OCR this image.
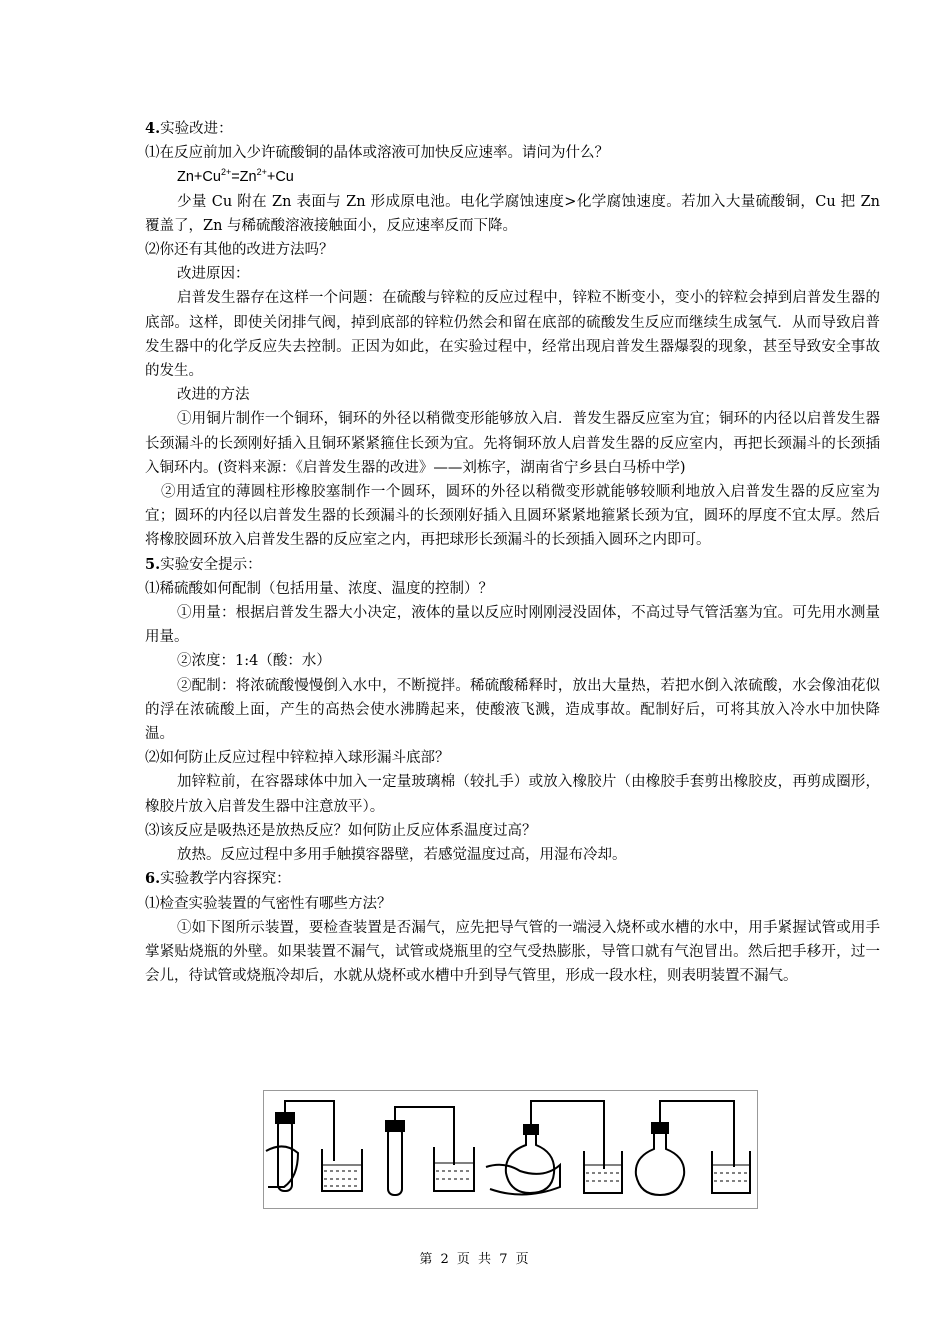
4.实验改进：
⑴在反应前加入少许硫酸铜的晶体或溶液可加快反应速率。请问为什么？
$Zn+Cu^{2+}=Zn^{2+}+Cu$
少量 Cu 附在 Zn 表面与 Zn 形成原电池。电化学腐蚀速度>化学腐蚀速度。若加入大量硫酸铜，Cu 把 Zn 覆盖了，Zn 与稀硫酸溶液接触面小，反应速率反而下降。
⑵你还有其他的改进方法吗？
改进原因：
启普发生器存在这样一个问题：在硫酸与锌粒的反应过程中，锌粒不断变小，变小的锌粒会掉到启普发生器的底部。这样，即使关闭排气阀，掉到底部的锌粒仍然会和留在底部的硫酸发生反应而继续生成氢气．从而导致启普发生器中的化学反应失去控制。正因为如此，在实验过程中，经常出现启普发生器爆裂的现象，甚至导致安全事故的发生。
改进的方法
①用铜片制作一个铜环，铜环的外径以稍微变形能够放入启．普发生器反应室为宜；铜环的内径以启普发生器长颈漏斗的长颈刚好插入且铜环紧紧箍住长颈为宜。先将铜环放人启普发生器的反应室内，再把长颈漏斗的长颈插入铜环内。(资料来源：《启普发生器的改进》——刘栋字，湖南省宁乡县白马桥中学)
②用适宜的薄圆柱形橡胶塞制作一个圆环，圆环的外径以稍微变形就能够较顺利地放入启普发生器的反应室为宜；圆环的内径以启普发生器的长颈漏斗的长颈刚好插入且圆环紧紧地箍紧长颈为宜，圆环的厚度不宜太厚。然后将橡胶圆环放入启普发生器的反应室之内，再把球形长颈漏斗的长颈插入圆环之内即可。
5.实验安全提示：
⑴稀硫酸如何配制（包括用量、浓度、温度的控制）？
①用量：根据启普发生器大小决定，液体的量以反应时刚刚浸没固体，不高过导气管活塞为宜。可先用水测量用量。
②浓度：1:4（酸：水）
②配制：将浓硫酸慢慢倒入水中，不断搅拌。稀硫酸稀释时，放出大量热，若把水倒入浓硫酸，水会像油花似的浮在浓硫酸上面，产生的高热会使水沸腾起来，使酸液飞溅，造成事故。配制好后，可将其放入冷水中加快降温。
⑵如何防止反应过程中锌粒掉入球形漏斗底部？
加锌粒前，在容器球体中加入一定量玻璃棉（较扎手）或放入橡胶片（由橡胶手套剪出橡胶皮，再剪成圈形，橡胶片放入启普发生器中注意放平）。
⑶该反应是吸热还是放热反应？如何防止反应体系温度过高？
放热。反应过程中多用手触摸容器壁，若感觉温度过高，用湿布冷却。
6.实验教学内容探究：
⑴检查实验装置的气密性有哪些方法？
①如下图所示装置，要检查装置是否漏气，应先把导气管的一端浸入烧杯或水槽的水中，用手紧握试管或用手掌紧贴烧瓶的外壁。如果装置不漏气，试管或烧瓶里的空气受热膨胀，导管口就有气泡冒出。然后把手移开，过一会儿，待试管或烧瓶冷却后，水就从烧杯或水槽中升到导气管里，形成一段水柱，则表明装置不漏气。
第 2 页 共 7 页
